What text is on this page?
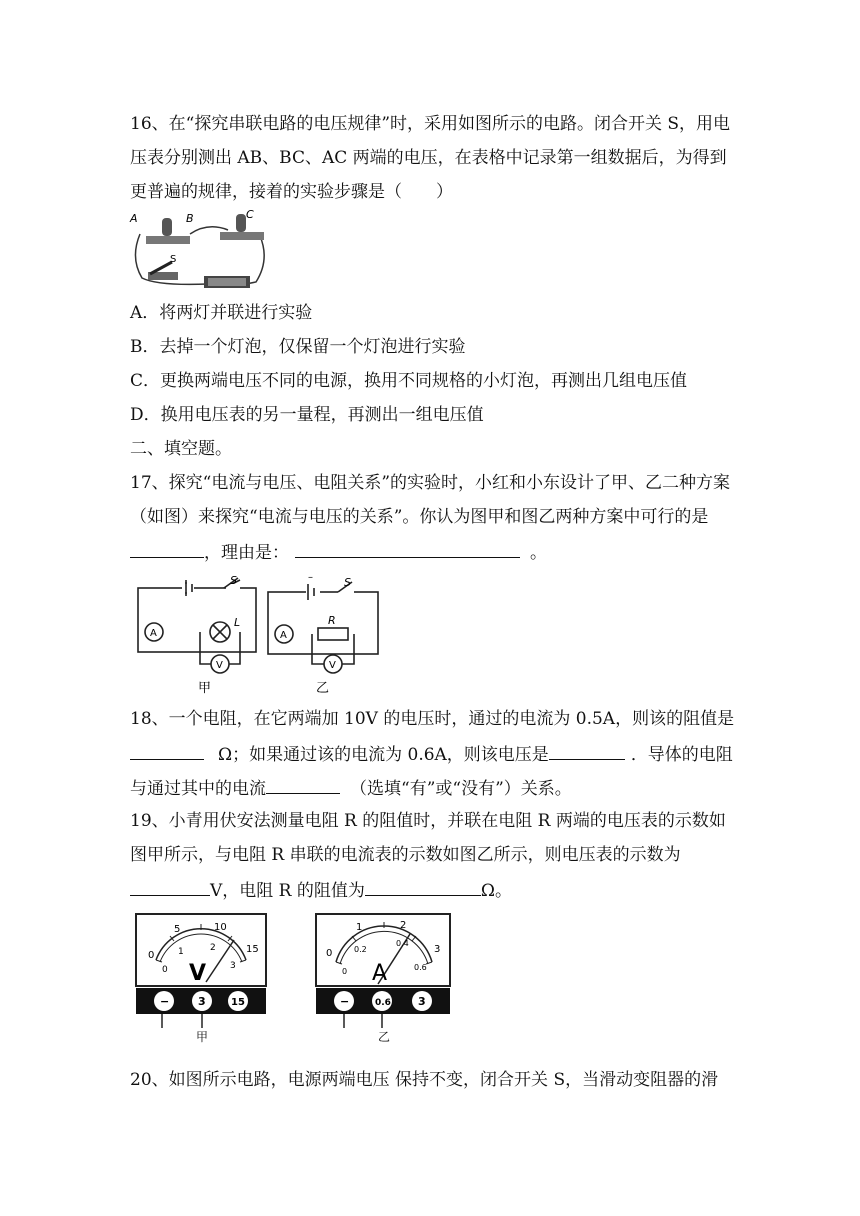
16、在“探究串联电路的电压规律”时，采用如图所示的电路。闭合开关 S，用电
压表分别测出 AB、BC、AC 两端的电压，在表格中记录第一组数据后，为得到
更普遍的规律，接着的实验步骤是（　　）
A	B	C
S
A．将两灯并联进行实验
B．去掉一个灯泡，仅保留一个灯泡进行实验
C．更换两端电压不同的电源，换用不同规格的小灯泡，再测出几组电压值
D．换用电压表的另一量程，再测出一组电压值
二、填空题。
17、探究“电流与电压、电阻关系”的实验时，小红和小东设计了甲、乙二种方案
（如图）来探究“电流与电压的关系”。你认为图甲和图乙两种方案中可行的是
，理由是：	。
A
V
L
S
甲
A
V
R
S
–
乙
18、一个电阻，在它两端加 10V 的电压时，通过的电流为 0.5A，则该的阻值是
Ω；如果通过该的电流为 0.6A，则该电压是	．导体的电阻
与通过其中的电流	（选填“有”或“没有”）关系。
19、小青用伏安法测量电阻 R 的阻值时，并联在电阻 R 两端的电压表的示数如
图甲所示，与电阻 R 串联的电流表的示数如图乙所示，则电压表的示数为
V，电阻 R 的阻值为	Ω。
0
5	10
15
0
1	2
3
V
−	3	15
甲
0
1	2
3
0
0.2
0.4
0.6
A
−	0.6 3
乙
20、如图所示电路，电源两端电压 保持不变，闭合开关 S，当滑动变阻器的滑
